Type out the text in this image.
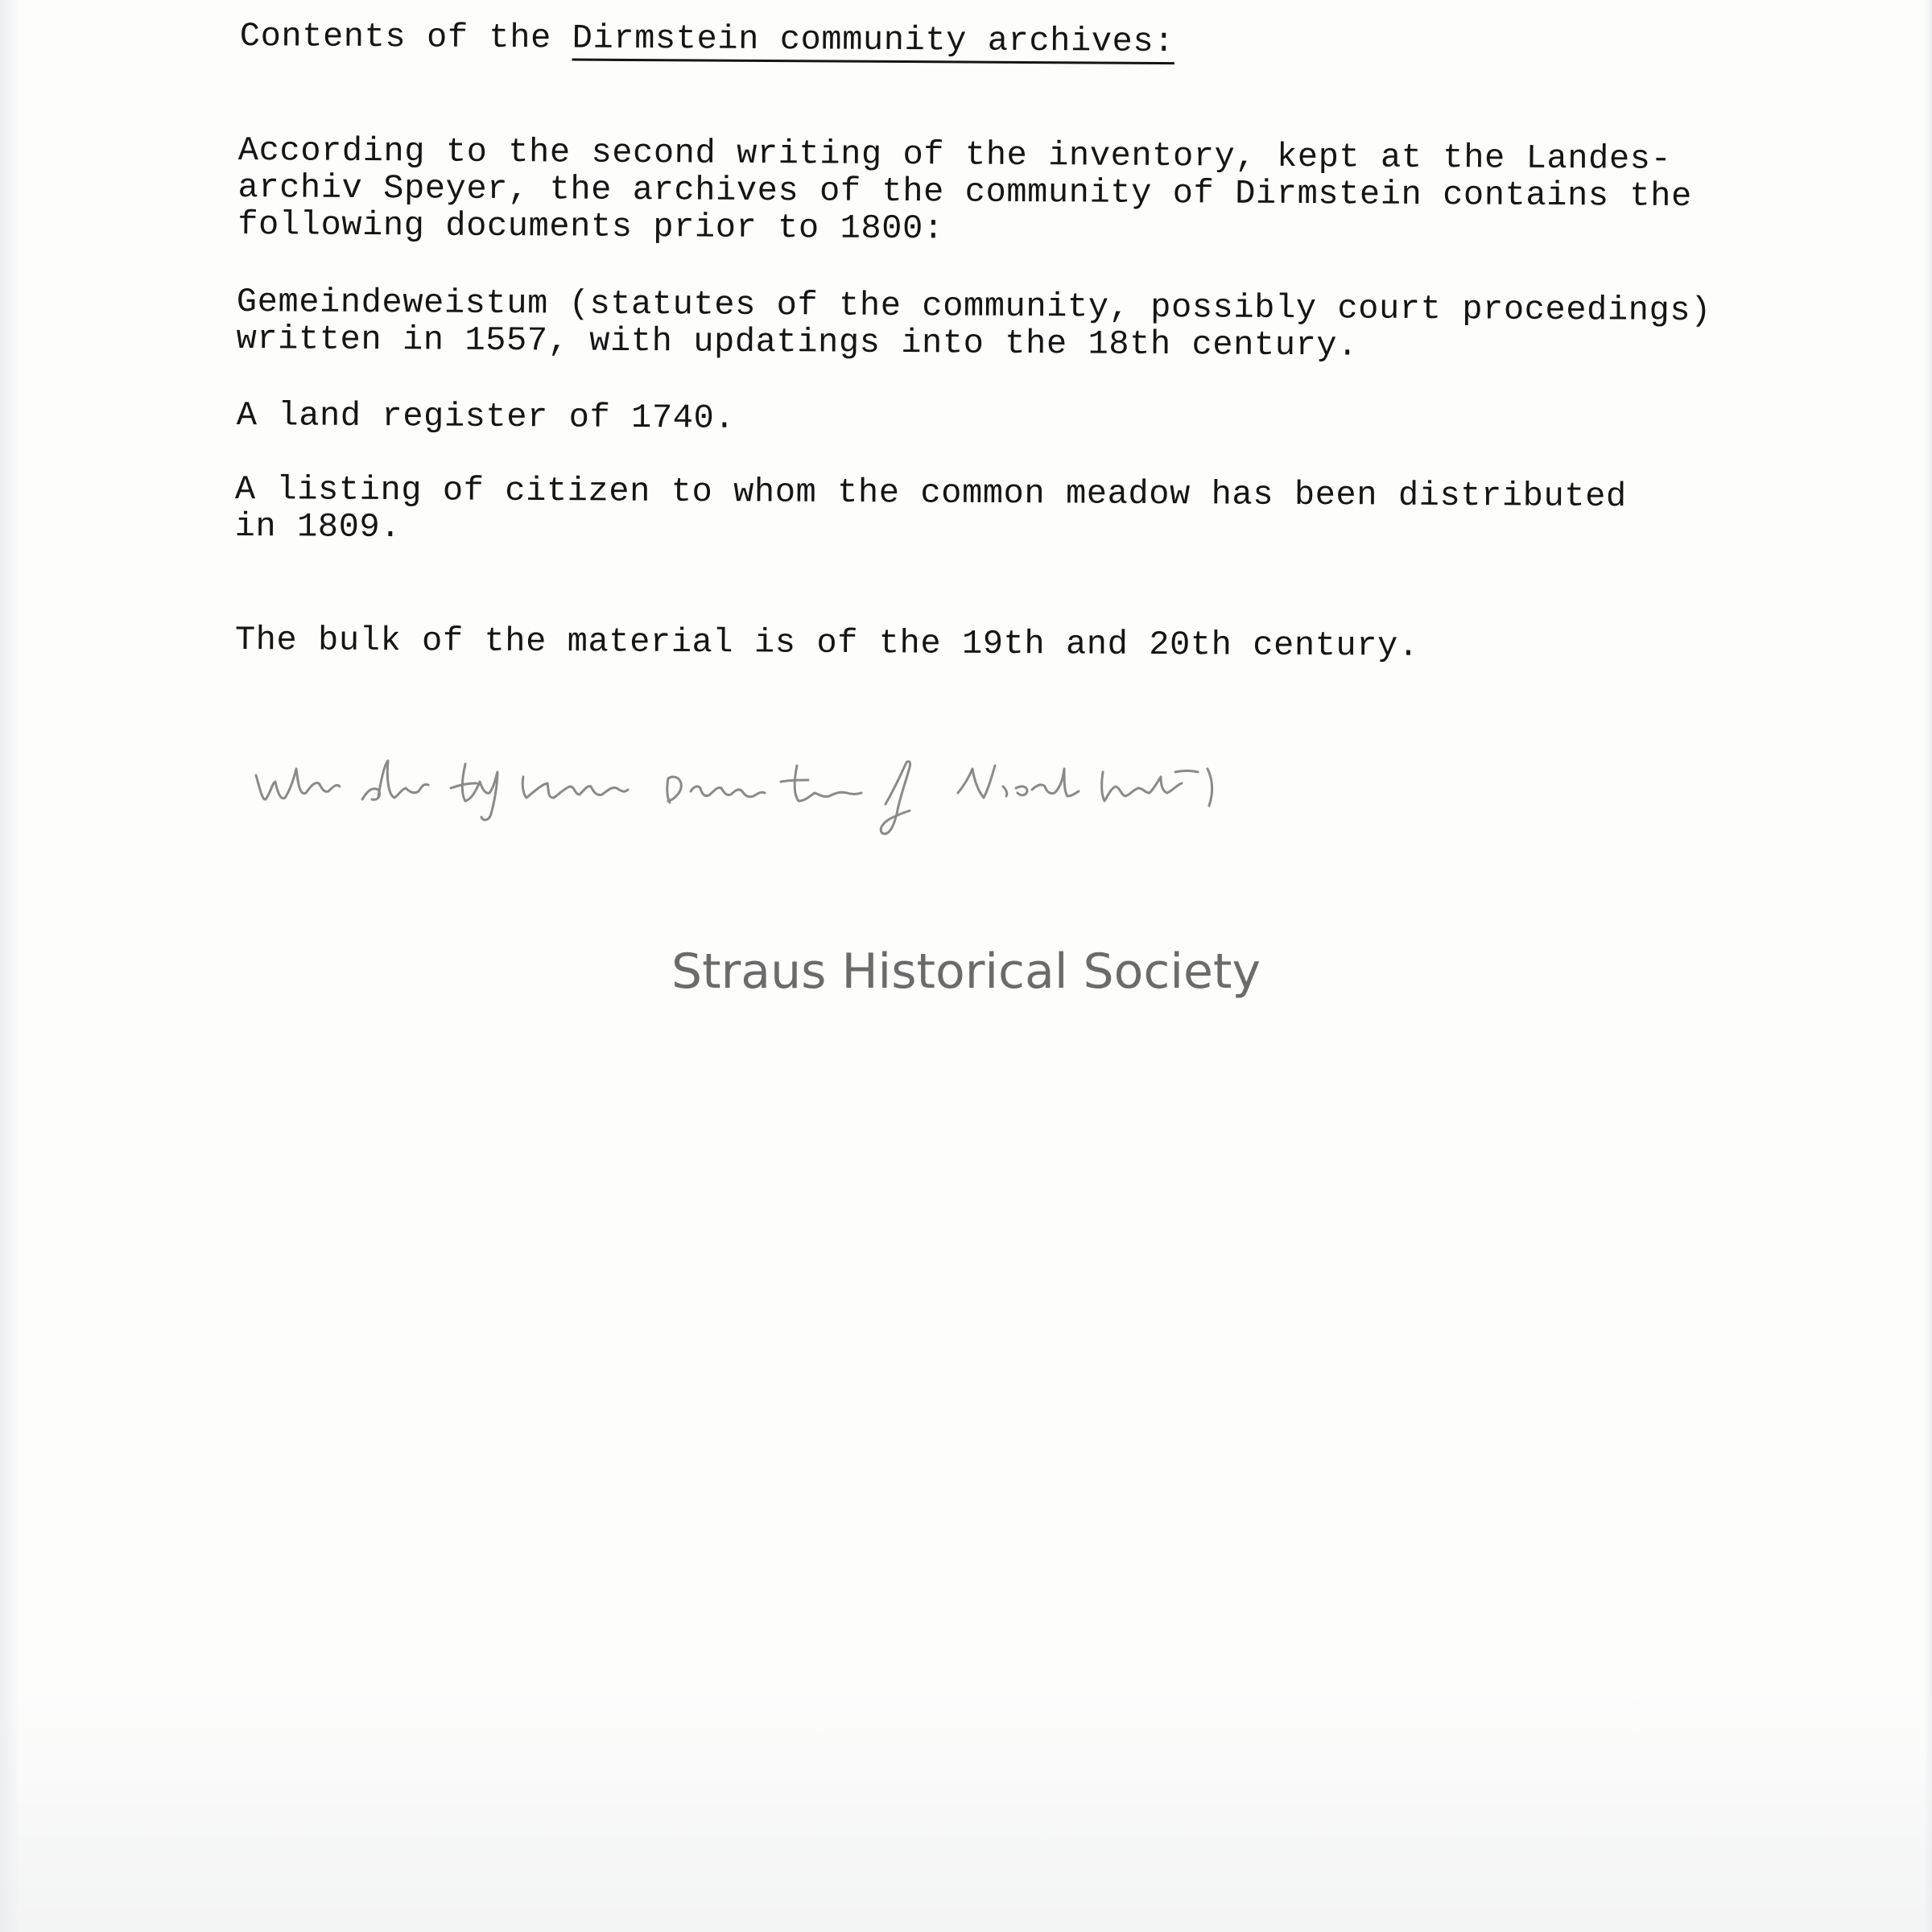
Contents of the Dirmstein community archives:

According to the second writing of the inventory, kept at the Landes-
archiv Speyer, the archives of the community of Dirmstein contains the
following documents prior to 1800:

Gemeindeweistum (statutes of the community, possibly court proceedings)
written in 1557, with updatings into the 18th century.

A land register of 1740.

A listing of citizen to whom the common meadow has been distributed
in 1809.

The bulk of the material is of the 19th and 20th century.

Straus Historical Society
